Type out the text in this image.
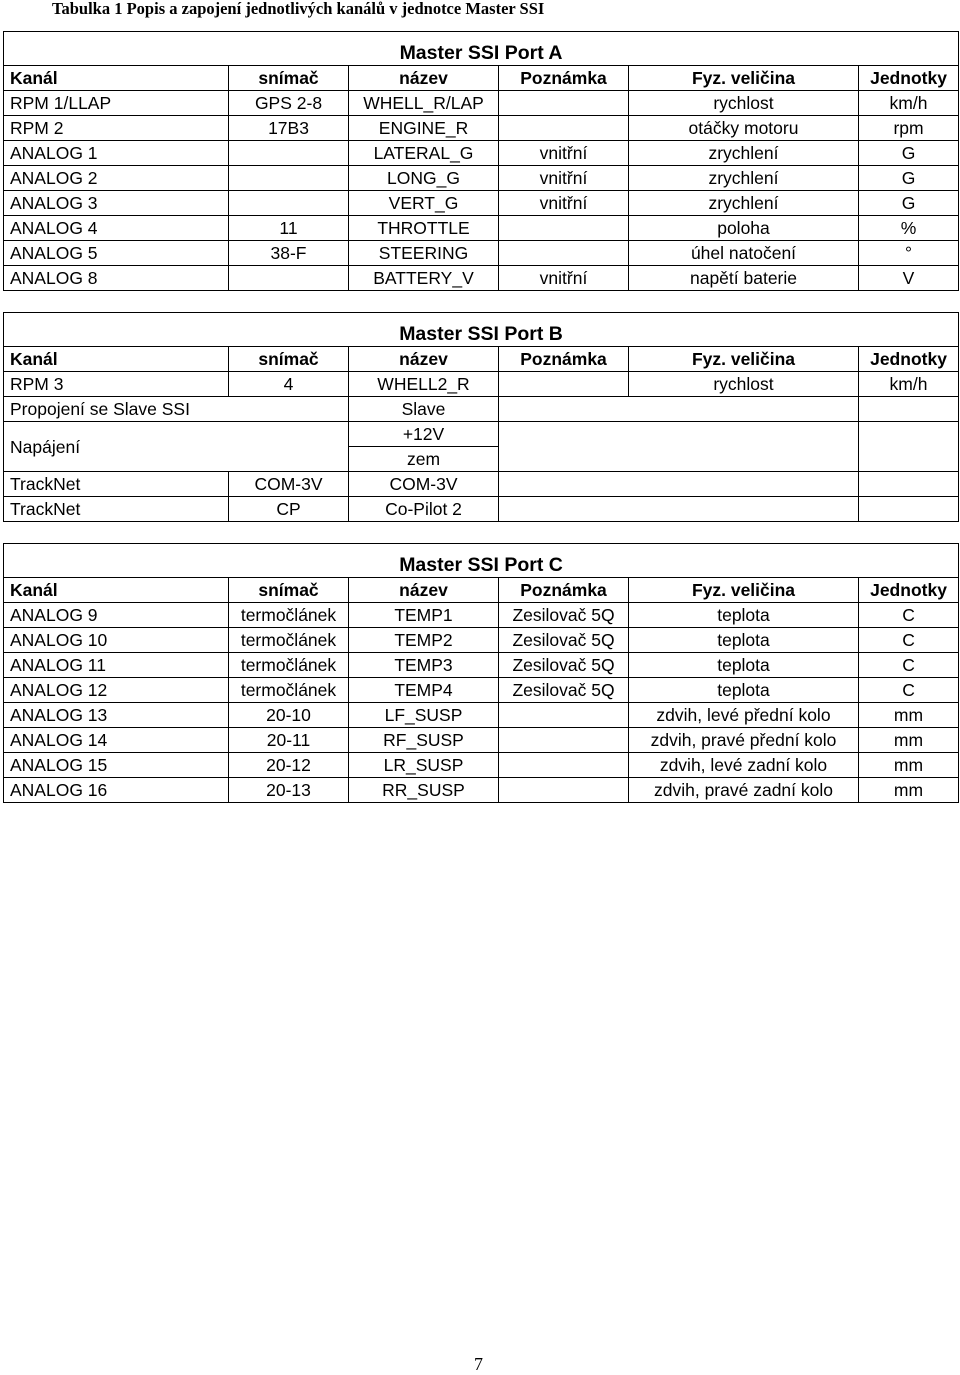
Tabulka 1 Popis a zapojení jednotlivých kanálů v jednotce Master SSI
Master SSI Port A					
Kanál	snímač	název	Poznámka	Fyz. veličina	Jednotky
RPM 1/LLAP	GPS 2-8	WHELL_R/LAP		rychlost	km/h
RPM 2	17B3	ENGINE_R		otáčky motoru	rpm
ANALOG 1		LATERAL_G	vnitřní	zrychlení	G
ANALOG 2		LONG_G	vnitřní	zrychlení	G
ANALOG 3		VERT_G	vnitřní	zrychlení	G
ANALOG 4	11	THROTTLE		poloha	%
ANALOG 5	38-F	STEERING		úhel natočení	°
ANALOG 8		BATTERY_V	vnitřní	napětí baterie	V
Master SSI Port B					
Kanál	snímač	název	Poznámka	Fyz. veličina	Jednotky
RPM 3	4	WHELL2_R		rychlost	km/h
Propojení se Slave SSI		Slave			
Napájení		+12V			
		zem			
TrackNet	COM-3V	COM-3V			
TrackNet	CP	Co-Pilot 2			
Master SSI Port C					
Kanál	snímač	název	Poznámka	Fyz. veličina	Jednotky
ANALOG 9	termočlánek	TEMP1	Zesilovač 5Q	teplota	C
ANALOG 10	termočlánek	TEMP2	Zesilovač 5Q	teplota	C
ANALOG 11	termočlánek	TEMP3	Zesilovač 5Q	teplota	C
ANALOG 12	termočlánek	TEMP4	Zesilovač 5Q	teplota	C
ANALOG 13	20-10	LF_SUSP		zdvih, levé přední kolo	mm
ANALOG 14	20-11	RF_SUSP		zdvih, pravé přední kolo	mm
ANALOG 15	20-12	LR_SUSP		zdvih, levé zadní kolo	mm
ANALOG 16	20-13	RR_SUSP		zdvih, pravé zadní kolo	mm
7
